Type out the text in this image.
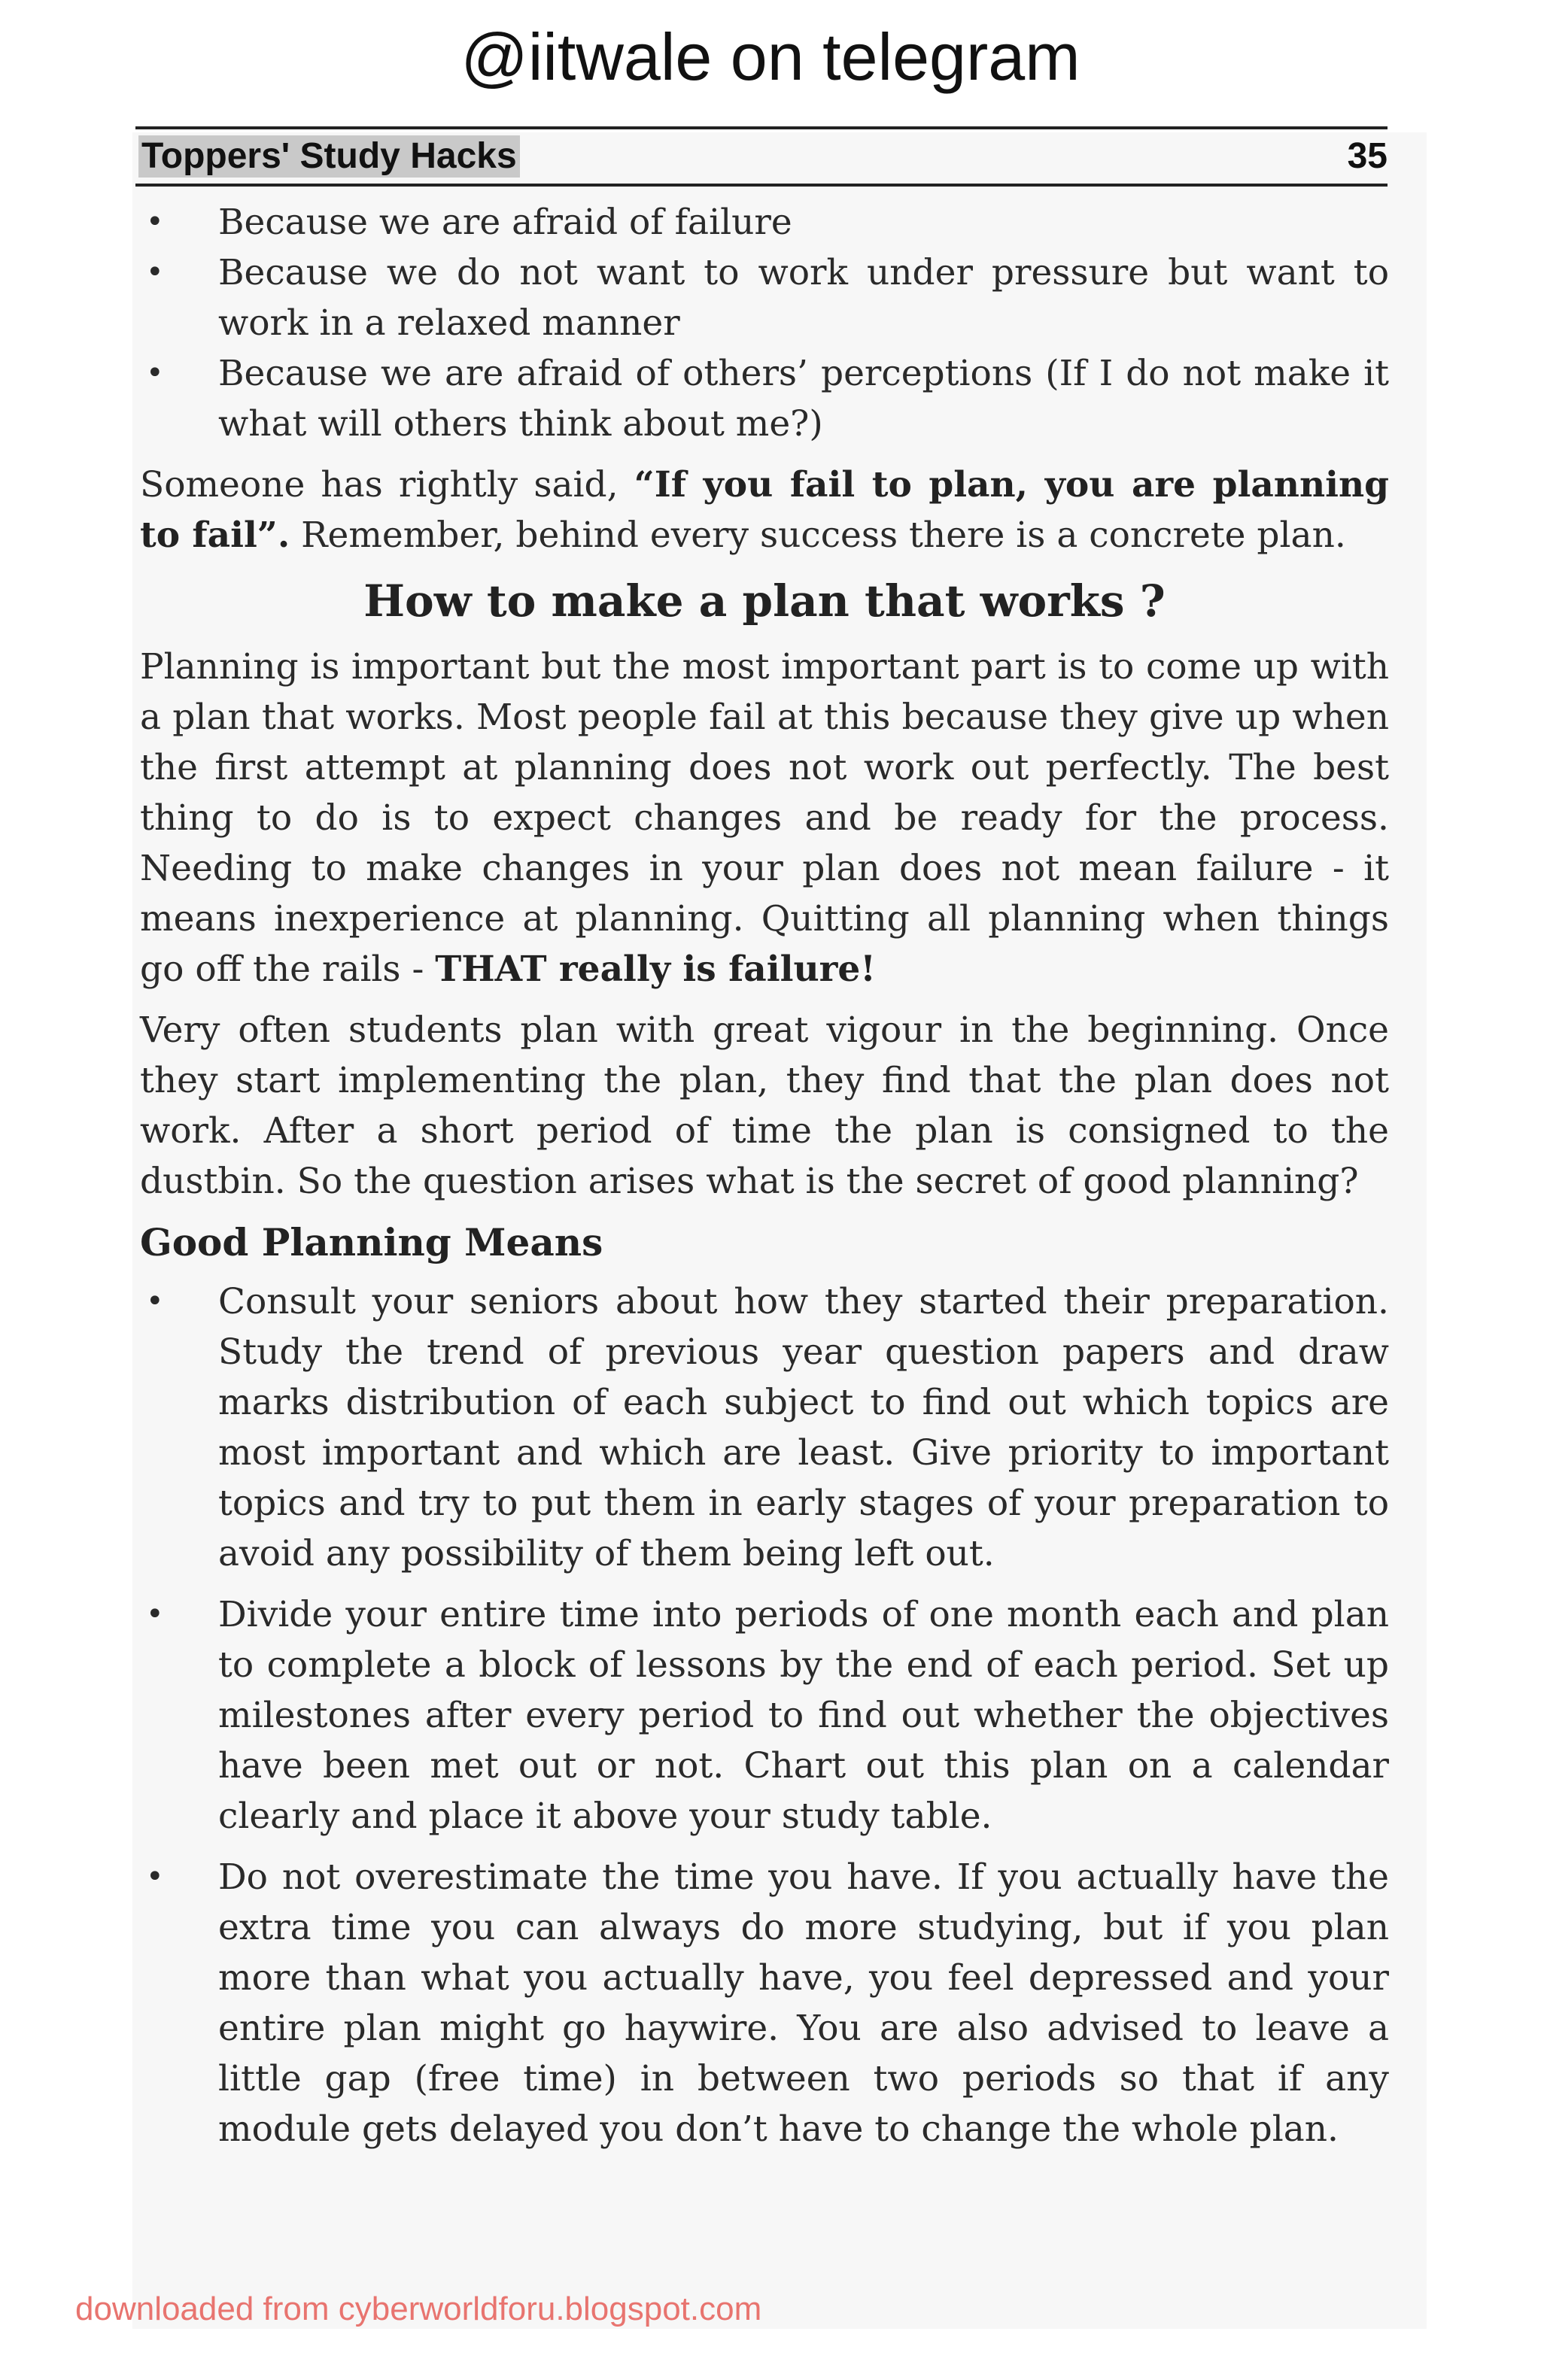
@iitwale on telegram
Toppers' Study Hacks	35
•	Because we are afraid of failure
•	Because we do not want to work under pressure but want to work in a relaxed manner
•	Because we are afraid of others’ perceptions (If I do not make it what will others think about me?)

Someone has rightly said, “If you fail to plan, you are planning to fail”. Remember, behind every success there is a concrete plan.

How to make a plan that works ?

Planning is important but the most important part is to come up with a plan that works. Most people fail at this because they give up when the first attempt at planning does not work out perfectly. The best thing to do is to expect changes and be ready for the process. Needing to make changes in your plan does not mean failure - it means inexperience at planning. Quitting all planning when things go off the rails - THAT really is failure!

Very often students plan with great vigour in the beginning. Once they start implementing the plan, they find that the plan does not work. After a short period of time the plan is consigned to the dustbin. So the question arises what is the secret of good planning?

Good Planning Means
•	Consult your seniors about how they started their preparation. Study the trend of previous year question papers and draw marks distribution of each subject to find out which topics are most important and which are least. Give priority to important topics and try to put them in early stages of your preparation to avoid any possibility of them being left out.
•	Divide your entire time into periods of one month each and plan to complete a block of lessons by the end of each period. Set up milestones after every period to find out whether the objectives have been met out or not. Chart out this plan on a calendar clearly and place it above your study table.
•	Do not overestimate the time you have. If you actually have the extra time you can always do more studying, but if you plan more than what you actually have, you feel depressed and your entire plan might go haywire. You are also advised to leave a little gap (free time) in between two periods so that if any module gets delayed you don’t have to change the whole plan.
downloaded from cyberworldforu.blogspot.com
